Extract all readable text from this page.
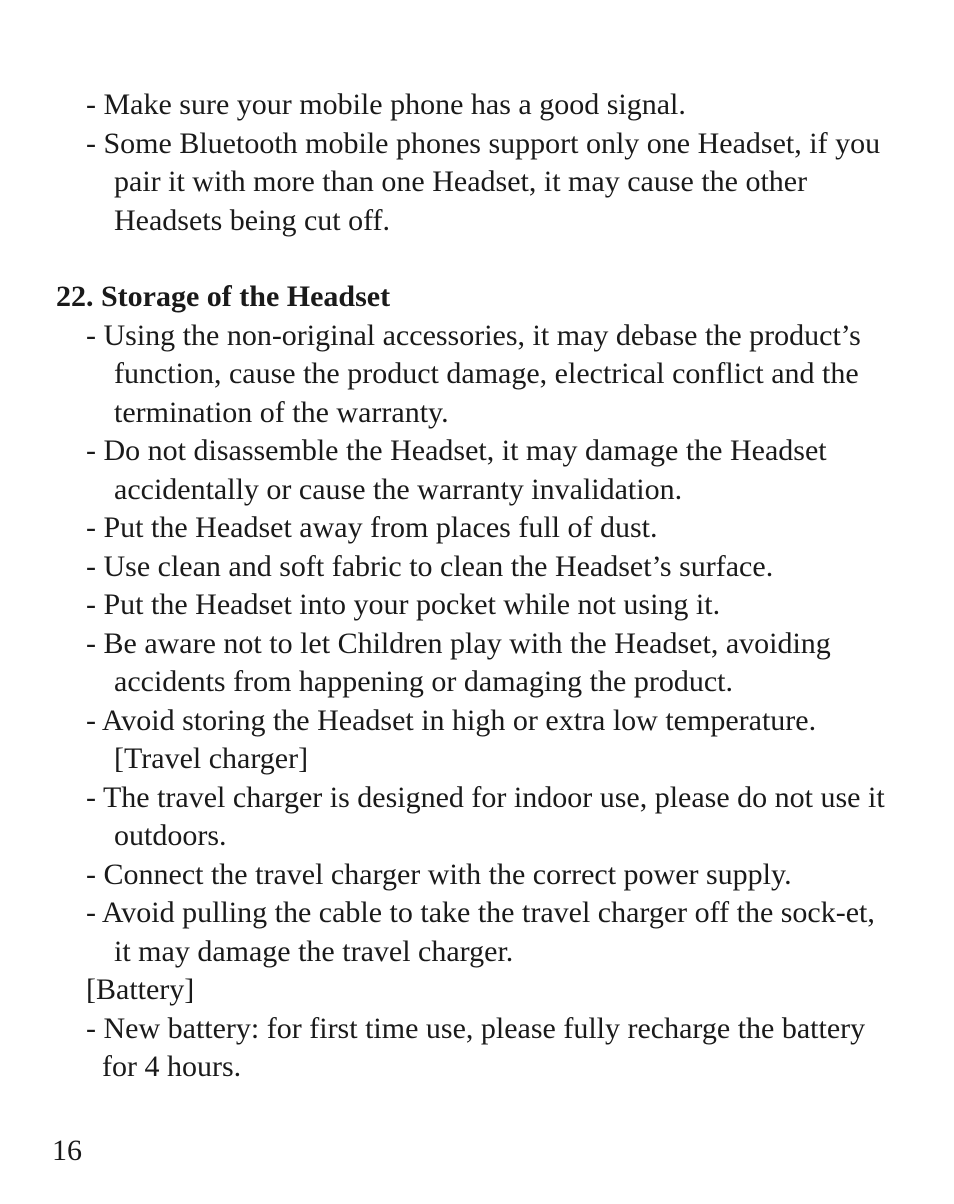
- Make sure your mobile phone has a good signal.
- Some Bluetooth mobile phones support only one Headset, if you pair it with more than one Headset, it may cause the other Headsets being cut off.
22. Storage of the Headset
- Using the non-original accessories, it may debase the product’s function, cause the product damage, electrical conflict and the termination of the warranty.
- Do not disassemble the Headset, it may damage the Headset accidentally or cause the warranty invalidation.
- Put the Headset away from places full of dust.
- Use clean and soft fabric to clean the Headset’s surface.
- Put the Headset into your pocket while not using it.
- Be aware not to let Children play with the Headset, avoiding accidents from happening or damaging the product.
- Avoid storing the Headset in high or extra low temperature. [Travel charger]
- The travel charger is designed for indoor use, please do not use it outdoors.
- Connect the travel charger with the correct power supply.
- Avoid pulling the cable to take the travel charger off the sock-et, it may damage the travel charger.
[Battery]
- New battery: for first time use, please fully recharge the battery for 4 hours.
16
